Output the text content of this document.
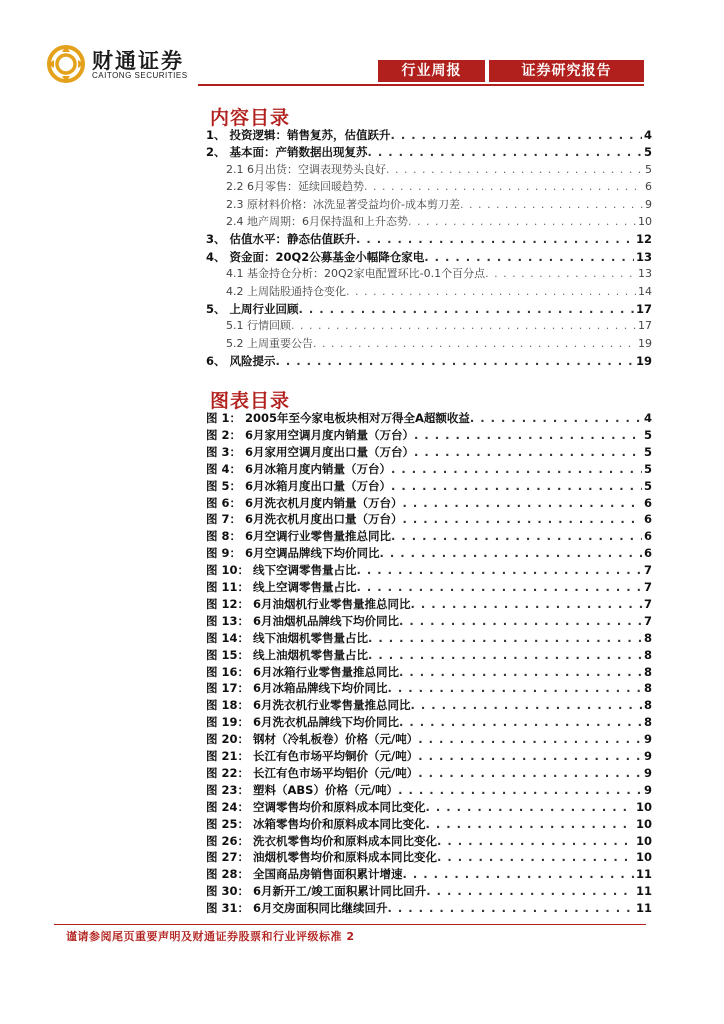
财通证券
CAITONG SECURITIES	行业周报	证券研究报告
内容目录
1、 投资逻辑：销售复苏，估值跃升 . . .	4
2、 基本面：产销数据出现复苏 . . .	5
2.1 6月出货：空调表现势头良好 . . .	5
2.2 6月零售：延续回暖趋势 . . .	6
2.3 原材料价格：冰洗显著受益均价-成本剪刀差 . . .	9
2.4 地产周期：6月保持温和上升态势 . . .	10
3、 估值水平：静态估值跃升 . . .	12
4、 资金面：20Q2公募基金小幅降仓家电 . . .	13
4.1 基金持仓分析：20Q2家电配置环比-0.1个百分点 . . .	13
4.2 上周陆股通持仓变化 . . .	14
5、 上周行业回顾 . . .	17
5.1 行情回顾 . . .	17
5.2 上周重要公告 . . .	19
6、 风险提示 . . .	19
图表目录
图 1： 2005年至今家电板块相对万得全A超额收益 . . .	4
图 2： 6月家用空调月度内销量（万台） . . .	5
图 3： 6月家用空调月度出口量（万台） . . .	5
图 4： 6月冰箱月度内销量（万台） . . .	5
图 5： 6月冰箱月度出口量（万台） . . .	5
图 6： 6月洗衣机月度内销量（万台） . . .	6
图 7： 6月洗衣机月度出口量（万台） . . .	6
图 8： 6月空调行业零售量推总同比 . . .	6
图 9： 6月空调品牌线下均价同比 . . .	6
图 10： 线下空调零售量占比 . . .	7
图 11： 线上空调零售量占比 . . .	7
图 12： 6月油烟机行业零售量推总同比 . . .	7
图 13： 6月油烟机品牌线下均价同比 . . .	7
图 14： 线下油烟机零售量占比 . . .	8
图 15： 线上油烟机零售量占比 . . .	8
图 16： 6月冰箱行业零售量推总同比 . . .	8
图 17： 6月冰箱品牌线下均价同比 . . .	8
图 18： 6月洗衣机行业零售量推总同比 . . .	8
图 19： 6月洗衣机品牌线下均价同比 . . .	8
图 20： 钢材（冷轧板卷）价格（元/吨） . . .	9
图 21： 长江有色市场平均铜价（元/吨） . . .	9
图 22： 长江有色市场平均铝价（元/吨） . . .	9
图 23： 塑料（ABS）价格（元/吨） . . .	9
图 24： 空调零售均价和原料成本同比变化 . . .	10
图 25： 冰箱零售均价和原料成本同比变化 . . .	10
图 26： 洗衣机零售均价和原料成本同比变化 . . .	10
图 27： 油烟机零售均价和原料成本同比变化 . . .	10
图 28： 全国商品房销售面积累计增速 . . .	11
图 30： 6月新开工/竣工面积累计同比回升 . . .	11
图 31： 6月交房面积同比继续回升 . . .	11
谨请参阅尾页重要声明及财通证券股票和行业评级标准 2
